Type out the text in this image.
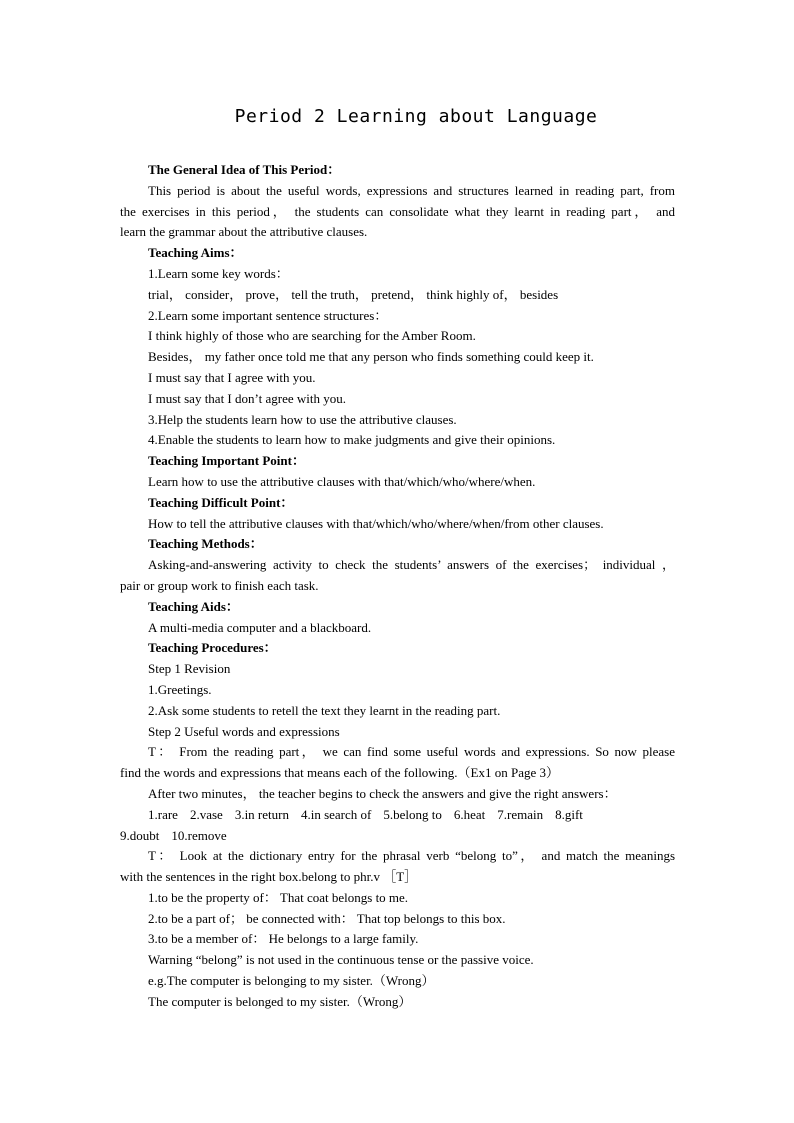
Period 2 Learning about Language
The General Idea of This Period：
This period is about the useful words, expressions and structures learned in reading part, from
the exercises in this period， the students can consolidate what they learnt in reading part， and
learn the grammar about the attributive clauses.
Teaching Aims：
1.Learn some key words：
trial， consider， prove， tell the truth， pretend， think highly of， besides
2.Learn some important sentence structures：
I think highly of those who are searching for the Amber Room.
Besides， my father once told me that any person who finds something could keep it.
I must say that I agree with you.
I must say that I don’t agree with you.
3.Help the students learn how to use the attributive clauses.
4.Enable the students to learn how to make judgments and give their opinions.
Teaching Important Point：
Learn how to use the attributive clauses with that/which/who/where/when.
Teaching Difficult Point：
How to tell the attributive clauses with that/which/who/where/when/from other clauses.
Teaching Methods：
Asking-and-answering activity to check the students’ answers of the exercises； individual ，
pair or group work to finish each task.
Teaching Aids：
A multi-media computer and a blackboard.
Teaching Procedures：
Step 1 Revision
1.Greetings.
2.Ask some students to retell the text they learnt in the reading part.
Step 2 Useful words and expressions
T： From the reading part， we can find some useful words and expressions. So now please
find the words and expressions that means each of the following.（Ex1 on Page 3）
After two minutes， the teacher begins to check the answers and give the right answers：
1.rare 2.vase 3.in return 4.in search of 5.belong to 6.heat 7.remain 8.gift
9.doubt 10.remove
T： Look at the dictionary entry for the phrasal verb “belong to”， and match the meanings
with the sentences in the right box.belong to phr.v ［T］
1.to be the property of： That coat belongs to me.
2.to be a part of； be connected with： That top belongs to this box.
3.to be a member of： He belongs to a large family.
Warning “belong” is not used in the continuous tense or the passive voice.
e.g.The computer is belonging to my sister.（Wrong）
The computer is belonged to my sister.（Wrong）
